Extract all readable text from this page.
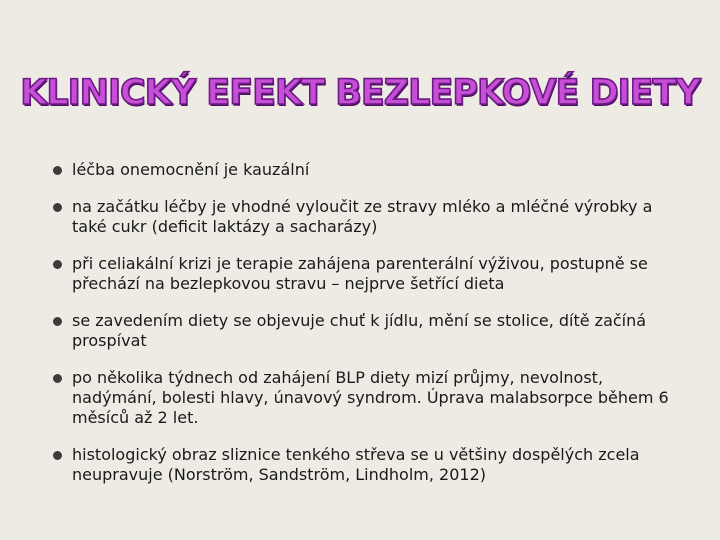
KLINICKÝ EFEKT BEZLEPKOVÉ DIETY
léčba onemocnění je kauzální
na začátku léčby je vhodné vyloučit ze stravy mléko a mléčné výrobky a také cukr (deficit laktázy a sacharázy)
při celiakální krizi je terapie zahájena parenterální výživou, postupně se přechází na bezlepkovou stravu – nejprve šetřící dieta
se zavedením diety se objevuje chuť k jídlu, mění se stolice, dítě začíná prospívat
po několika týdnech od zahájení BLP diety mizí průjmy, nevolnost, nadýmání, bolesti hlavy, únavový syndrom. Úprava malabsorpce během 6 měsíců až 2 let.
histologický obraz sliznice tenkého střeva se u většiny dospělých zcela neupravuje (Norström, Sandström, Lindholm, 2012)
